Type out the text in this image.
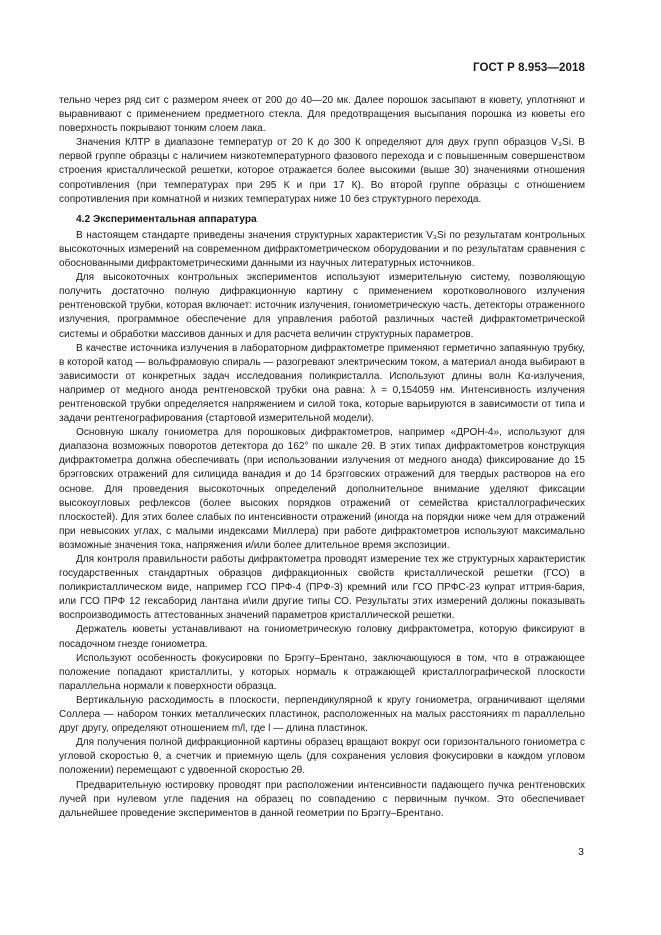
ГОСТ Р 8.953—2018

тельно через ряд сит с размером ячеек от 200 до 40—20 мк. Далее порошок засыпают в кювету, уплотняют и выравнивают с применением предметного стекла. Для предотвращения высыпания порошка из кюветы его поверхность покрывают тонким слоем лака.

Значения КЛТР в диапазоне температур от 20 К до 300 К определяют для двух групп образцов V₃Si. В первой группе образцы с наличием низкотемпературного фазового перехода и с повышенным совершенством строения кристаллической решетки, которое отражается более высокими (выше 30) значениями отношения сопротивления (при температурах при 295 К и при 17 К). Во второй группе образцы с отношением сопротивления при комнатной и низких температурах ниже 10 без структурного перехода.

4.2 Экспериментальная аппаратура

В настоящем стандарте приведены значения структурных характеристик V₃Si по результатам контрольных высокоточных измерений на современном дифрактометрическом оборудовании и по результатам сравнения с обоснованными дифрактометрическими данными из научных литературных источников.

Для высокоточных контрольных экспериментов используют измерительную систему, позволяющую получить достаточно полную дифракционную картину с применением коротковолнового излучения рентгеновской трубки, которая включает: источник излучения, гониометрическую часть, детекторы отраженного излучения, программное обеспечение для управления работой различных частей дифрактометрической системы и обработки массивов данных и для расчета величин структурных параметров.

В качестве источника излучения в лабораторном дифрактометре применяют герметично запаянную трубку, в которой катод — вольфрамовую спираль — разогревают электрическим током, а материал анода выбирают в зависимости от конкретных задач исследования поликристалла. Используют длины волн Kα-излучения, например от медного анода рентгеновской трубки она равна: λ = 0,154059 нм. Интенсивность излучения рентгеновской трубки определяется напряжением и силой тока, которые варьируются в зависимости от типа и задачи рентгенографирования (стартовой измерительной модели).

Основную шкалу гониометра для порошковых дифрактометров, например «ДРОН-4», используют для диапазона возможных поворотов детектора до 162° по шкале 2θ. В этих типах дифрактометров конструкция дифрактометра должна обеспечивать (при использовании излучения от медного анода) фиксирование до 15 брэгговских отражений для силицида ванадия и до 14 брэгговских отражений для твердых растворов на его основе. Для проведения высокоточных определений дополнительное внимание уделяют фиксации высокоугловых рефлексов (более высоких порядков отражений от семейства кристаллографических плоскостей). Для этих более слабых по интенсивности отражений (иногда на порядки ниже чем для отражений при невысоких углах, с малыми индексами Миллера) при работе дифрактометров используют максимально возможные значения тока, напряжения и/или более длительное время экспозиции.

Для контроля правильности работы дифрактометра проводят измерение тех же структурных характеристик государственных стандартных образцов дифракционных свойств кристаллической решетки (ГСО) в поликристаллическом виде, например ГСО ПРФ-4 (ПРФ-3) кремний или ГСО ПРФС-23 купрат иттрия-бария, или ГСО ПРФ 12 гексаборид лантана и\или другие типы СО. Результаты этих измерений должны показывать воспроизводимость аттестованных значений параметров кристаллической решетки.

Держатель кюветы устанавливают на гониометрическую головку дифрактометра, которую фиксируют в посадочном гнезде гониометра.

Используют особенность фокусировки по Брэггу–Брентано, заключающуюся в том, что в отражающее положение попадают кристаллиты, у которых нормаль к отражающей кристаллографической плоскости параллельна нормали к поверхности образца.

Вертикальную расходимость в плоскости, перпендикулярной к кругу гониометра, ограничивают щелями Соллера — набором тонких металлических пластинок, расположенных на малых расстояниях m параллельно друг другу, определяют отношением m/l, где l — длина пластинок.

Для получения полной дифракционной картины образец вращают вокруг оси горизонтального гониометра с угловой скоростью θ, а счетчик и приемную щель (для сохранения условия фокусировки в каждом угловом положении) перемещают с удвоенной скоростью 2θ.

Предварительную юстировку проводят при расположении интенсивности падающего пучка рентгеновских лучей при нулевом угле падения на образец по совпадению с первичным пучком. Это обеспечивает дальнейшее проведение экспериментов в данной геометрии по Брэггу–Брентано.

3
